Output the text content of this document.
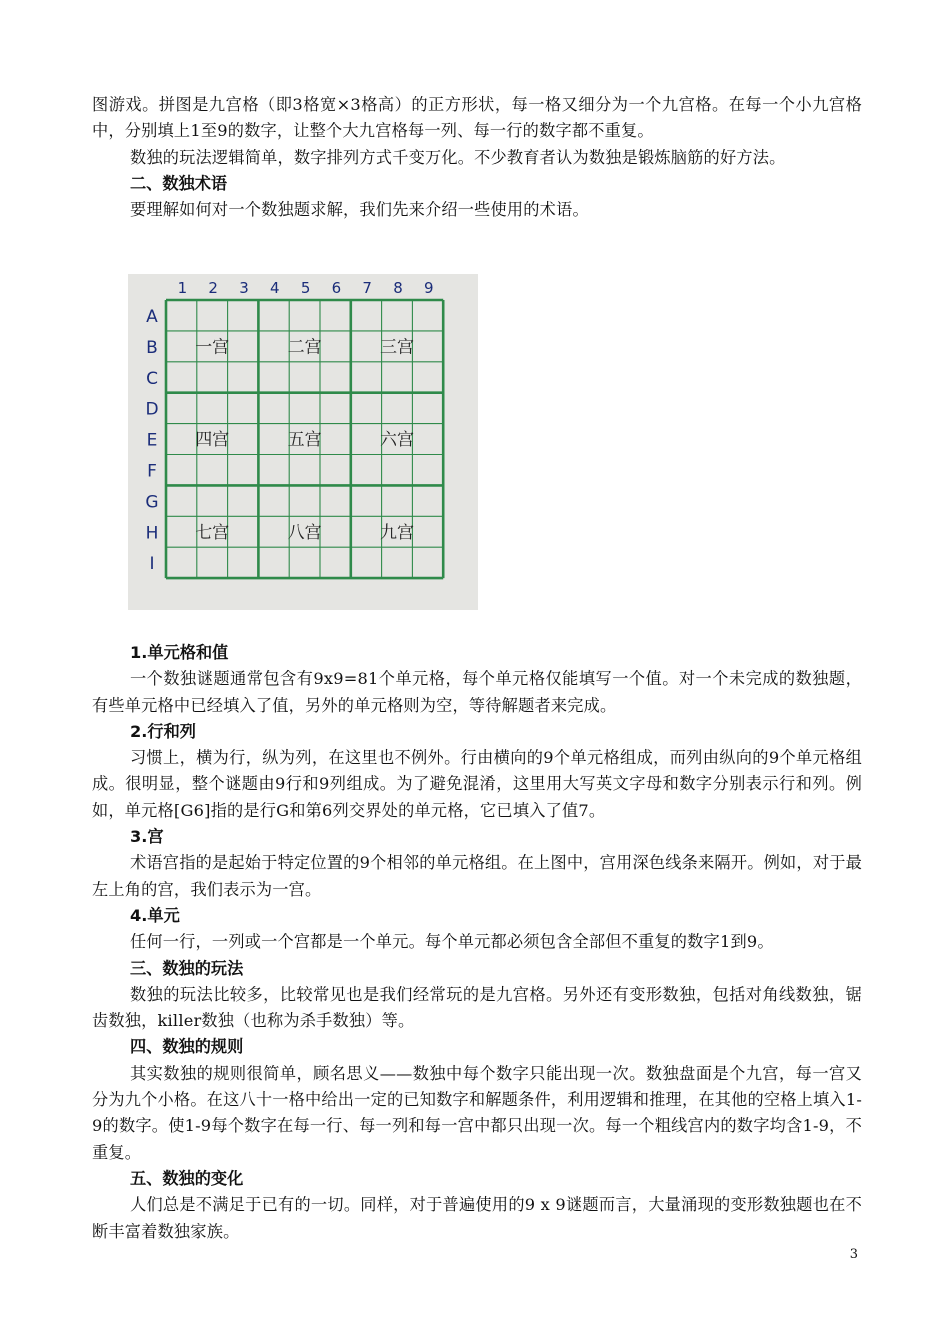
图游戏。拼图是九宫格（即3格宽×3格高）的正方形状，每一格又细分为一个九宫格。在每一个小九宫格中，分别填上1至9的数字，让整个大九宫格每一列、每一行的数字都不重复。

数独的玩法逻辑简单，数字排列方式千变万化。不少教育者认为数独是锻炼脑筋的好方法。

二、数独术语

要理解如何对一个数独题求解，我们先来介绍一些使用的术语。

1 2 3 4 5 6 7 8 9
A
B
C
D
E
F
G
H
I
一宫	二宫	三宫
四宫	五宫	六宫
七宫	八宫	九宫
1.单元格和值

一个数独谜题通常包含有9x9=81个单元格，每个单元格仅能填写一个值。对一个未完成的数独题，有些单元格中已经填入了值，另外的单元格则为空，等待解题者来完成。

2.行和列

习惯上，横为行，纵为列，在这里也不例外。行由横向的9个单元格组成，而列由纵向的9个单元格组成。很明显，整个谜题由9行和9列组成。为了避免混淆，这里用大写英文字母和数字分别表示行和列。例如，单元格[G6]指的是行G和第6列交界处的单元格，它已填入了值7。

3.宫

术语宫指的是起始于特定位置的9个相邻的单元格组。在上图中，宫用深色线条来隔开。例如，对于最左上角的宫，我们表示为一宫。

4.单元

任何一行，一列或一个宫都是一个单元。每个单元都必须包含全部但不重复的数字1到9。

三、数独的玩法

数独的玩法比较多，比较常见也是我们经常玩的是九宫格。另外还有变形数独，包括对角线数独，锯齿数独，killer数独（也称为杀手数独）等。

四、数独的规则

其实数独的规则很简单，顾名思义——数独中每个数字只能出现一次。数独盘面是个九宫，每一宫又分为九个小格。在这八十一格中给出一定的已知数字和解题条件，利用逻辑和推理，在其他的空格上填入1-9的数字。使1-9每个数字在每一行、每一列和每一宫中都只出现一次。每一个粗线宫内的数字均含1-9，不重复。

五、数独的变化

人们总是不满足于已有的一切。同样，对于普遍使用的9 x 9谜题而言，大量涌现的变形数独题也在不断丰富着数独家族。

3
